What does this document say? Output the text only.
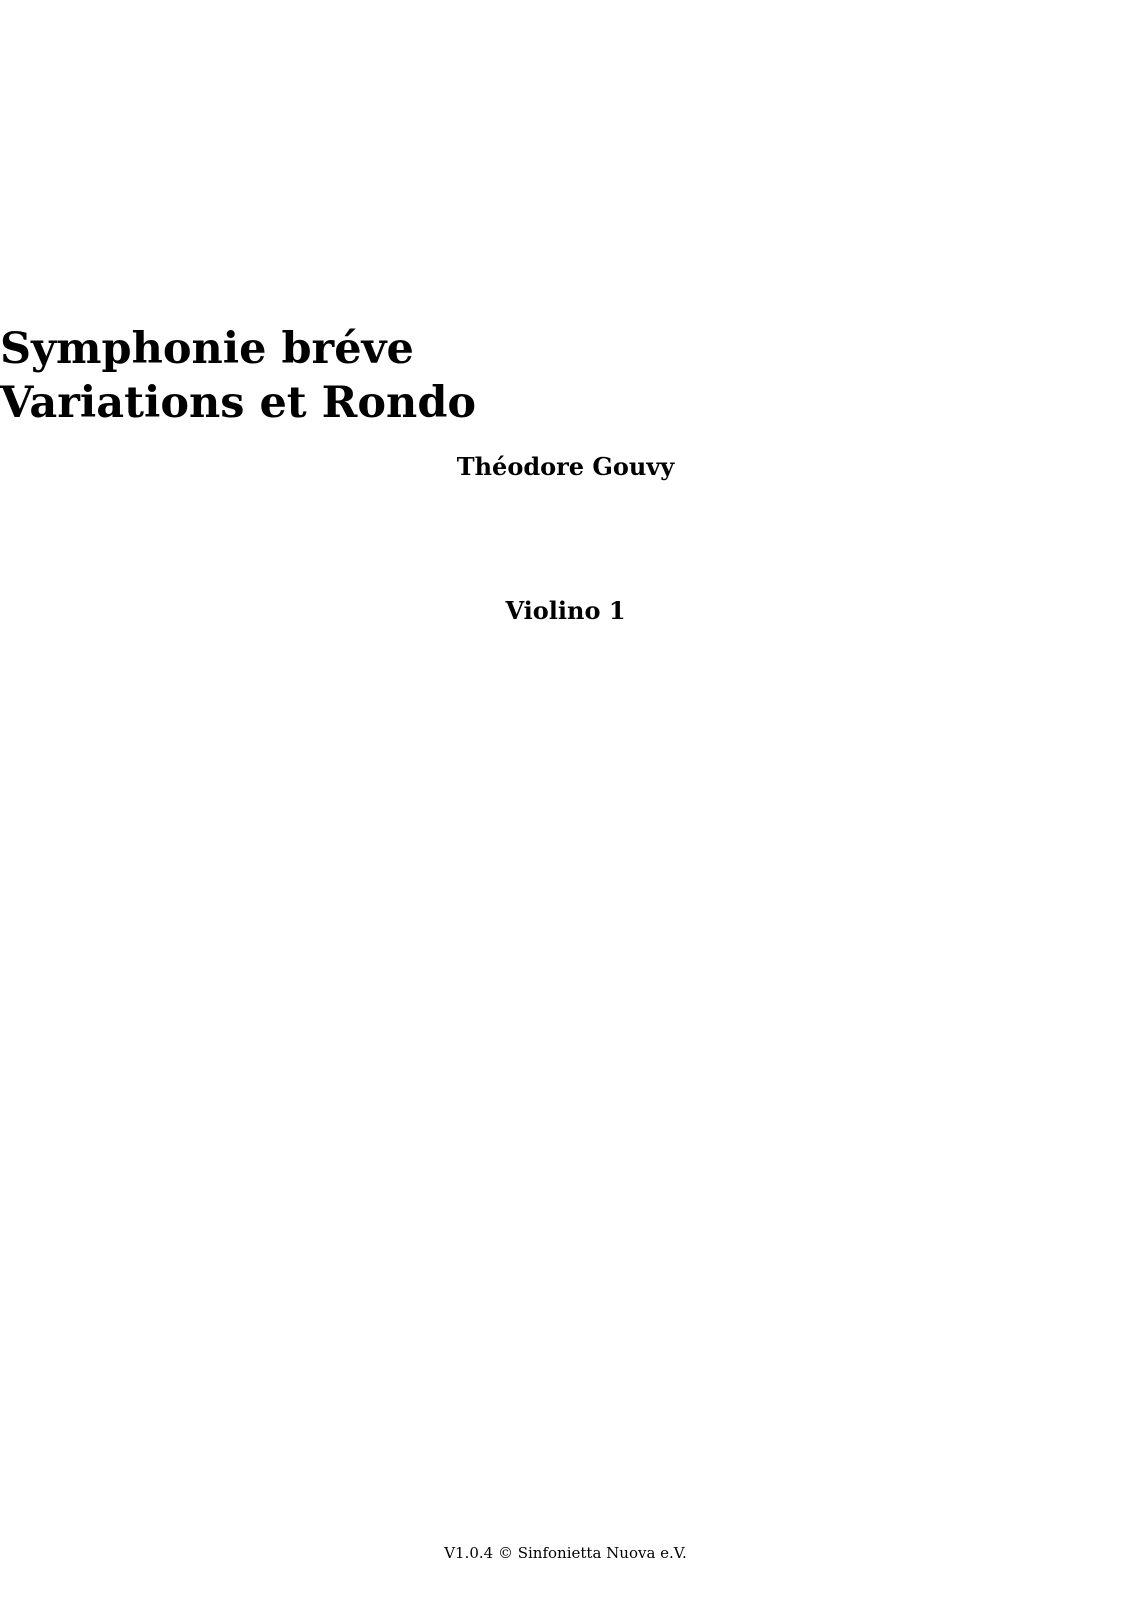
Symphonie bréve
Variations et Rondo
Théodore Gouvy
Violino 1
V1.0.4 © Sinfonietta Nuova e.V.
